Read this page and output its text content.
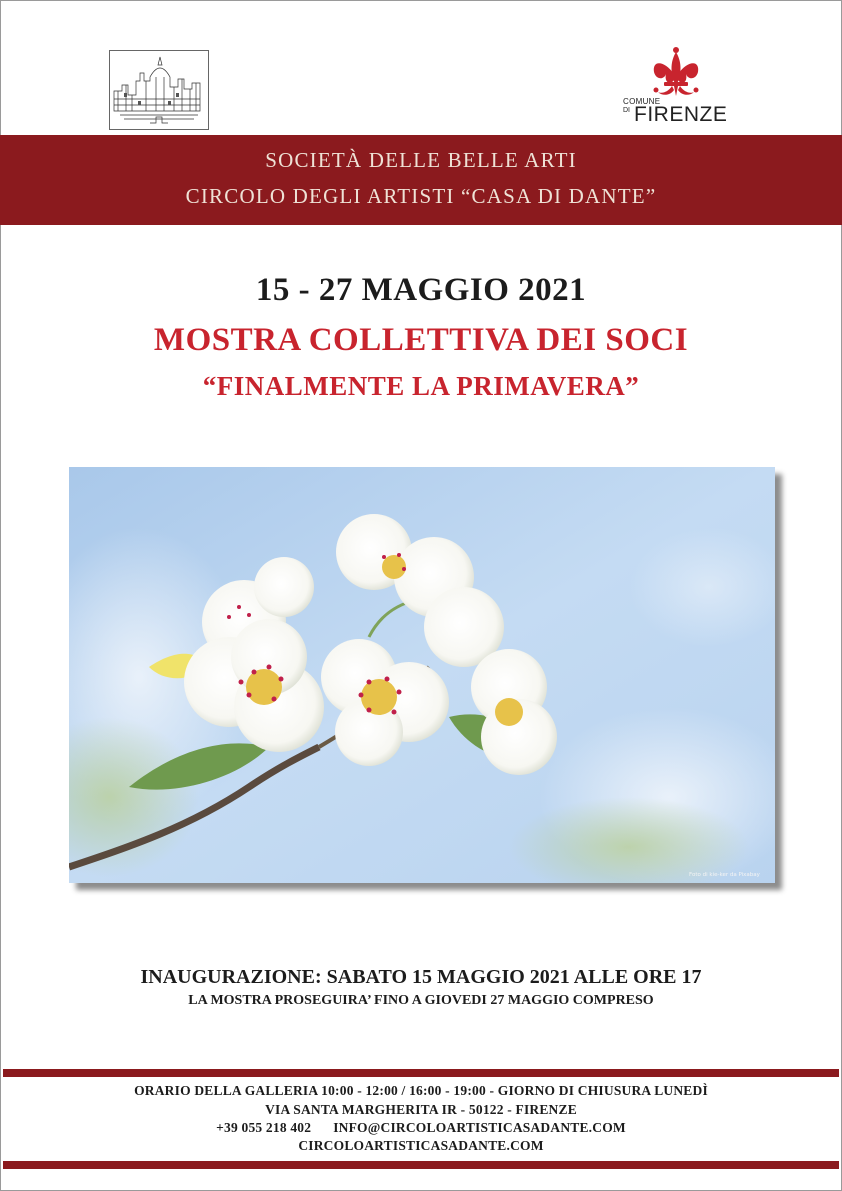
COMUNE
DI FIRENZE
SOCIETÀ DELLE BELLE ARTI
CIRCOLO DEGLI ARTISTI “CASA DI DANTE”
15 - 27 MAGGIO 2021
MOSTRA COLLETTIVA DEI SOCI
“FINALMENTE LA PRIMAVERA”
Foto di kie-ker da Pixabay
INAUGURAZIONE: SABATO 15 MAGGIO 2021 ALLE ORE 17
LA MOSTRA PROSEGUIRA’ FINO A GIOVEDI 27 MAGGIO COMPRESO
ORARIO DELLA GALLERIA 10:00 - 12:00 / 16:00 - 19:00 - GIORNO DI CHIUSURA LUNEDÌ
VIA SANTA MARGHERITA IR - 50122 - FIRENZE
+39 055 218 402 INFO@CIRCOLOARTISTICASADANTE.COM
CIRCOLOARTISTICASADANTE.COM
